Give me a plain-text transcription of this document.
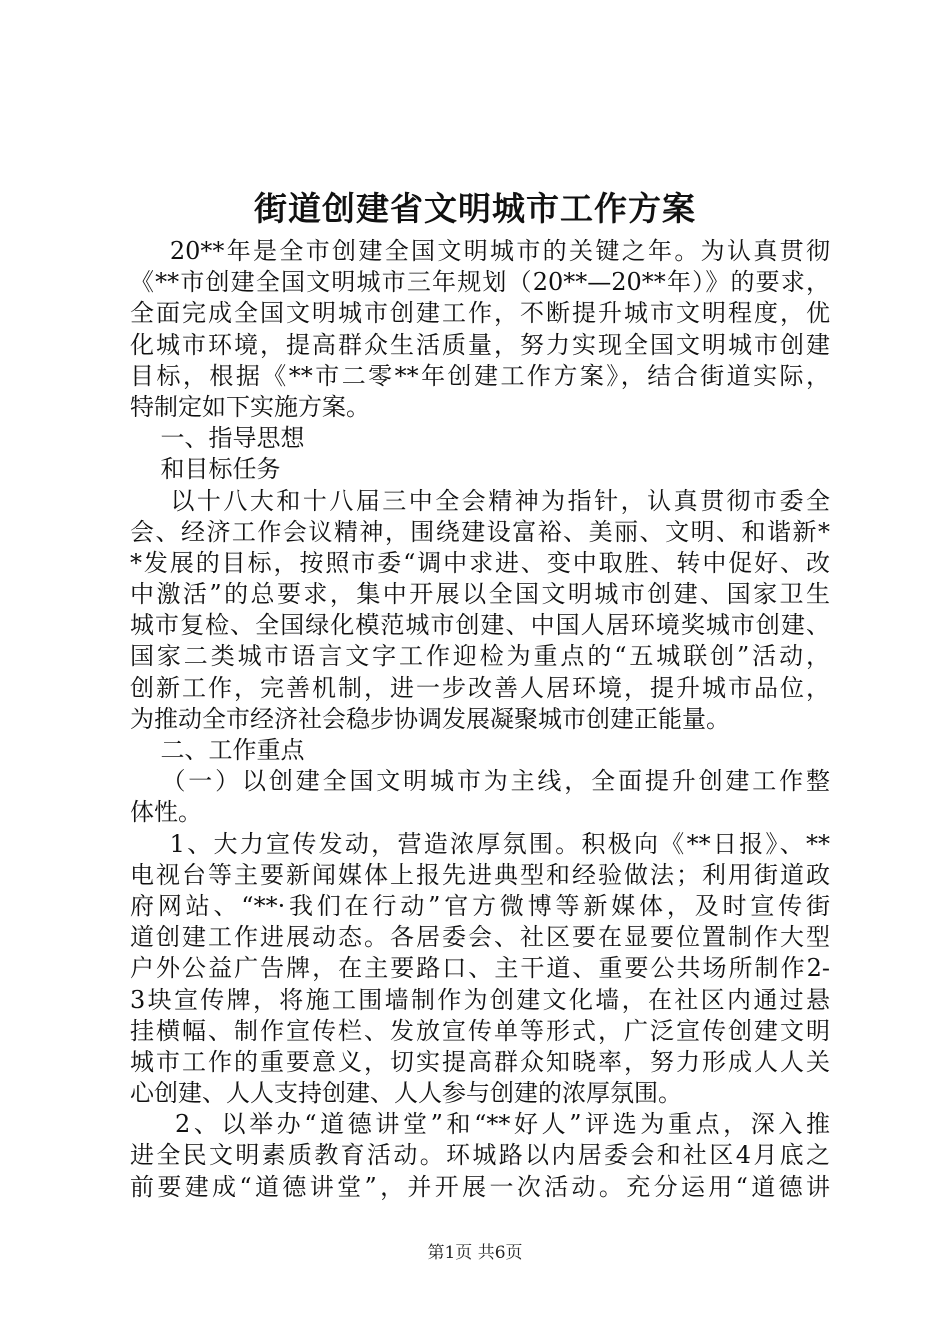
街道创建省文明城市工作方案
20**年是全市创建全国文明城市的关键之年。为认真贯彻
《**市创建全国文明城市三年规划（20**—20**年）》的要求，
全面完成全国文明城市创建工作，不断提升城市文明程度，优
化城市环境，提高群众生活质量，努力实现全国文明城市创建
目标，根据《**市二零**年创建工作方案》，结合街道实际，
特制定如下实施方案。
一、指导思想
和目标任务
以十八大和十八届三中全会精神为指针，认真贯彻市委全
会、经济工作会议精神，围绕建设富裕、美丽、文明、和谐新*
*发展的目标，按照市委“调中求进、变中取胜、转中促好、改
中激活”的总要求，集中开展以全国文明城市创建、国家卫生
城市复检、全国绿化模范城市创建、中国人居环境奖城市创建、
国家二类城市语言文字工作迎检为重点的“五城联创”活动，
创新工作，完善机制，进一步改善人居环境，提升城市品位，
为推动全市经济社会稳步协调发展凝聚城市创建正能量。
二、工作重点
（一）以创建全国文明城市为主线，全面提升创建工作整
体性。
1、大力宣传发动，营造浓厚氛围。积极向《**日报》、**
电视台等主要新闻媒体上报先进典型和经验做法；利用街道政
府网站、“**·我们在行动”官方微博等新媒体，及时宣传街
道创建工作进展动态。各居委会、社区要在显要位置制作大型
户外公益广告牌，在主要路口、主干道、重要公共场所制作2-
3块宣传牌，将施工围墙制作为创建文化墙，在社区内通过悬
挂横幅、制作宣传栏、发放宣传单等形式，广泛宣传创建文明
城市工作的重要意义，切实提高群众知晓率，努力形成人人关
心创建、人人支持创建、人人参与创建的浓厚氛围。
2、以举办“道德讲堂”和“**好人”评选为重点，深入推
进全民文明素质教育活动。环城路以内居委会和社区4月底之
前要建成“道德讲堂”，并开展一次活动。充分运用“道德讲
第1页 共6页
